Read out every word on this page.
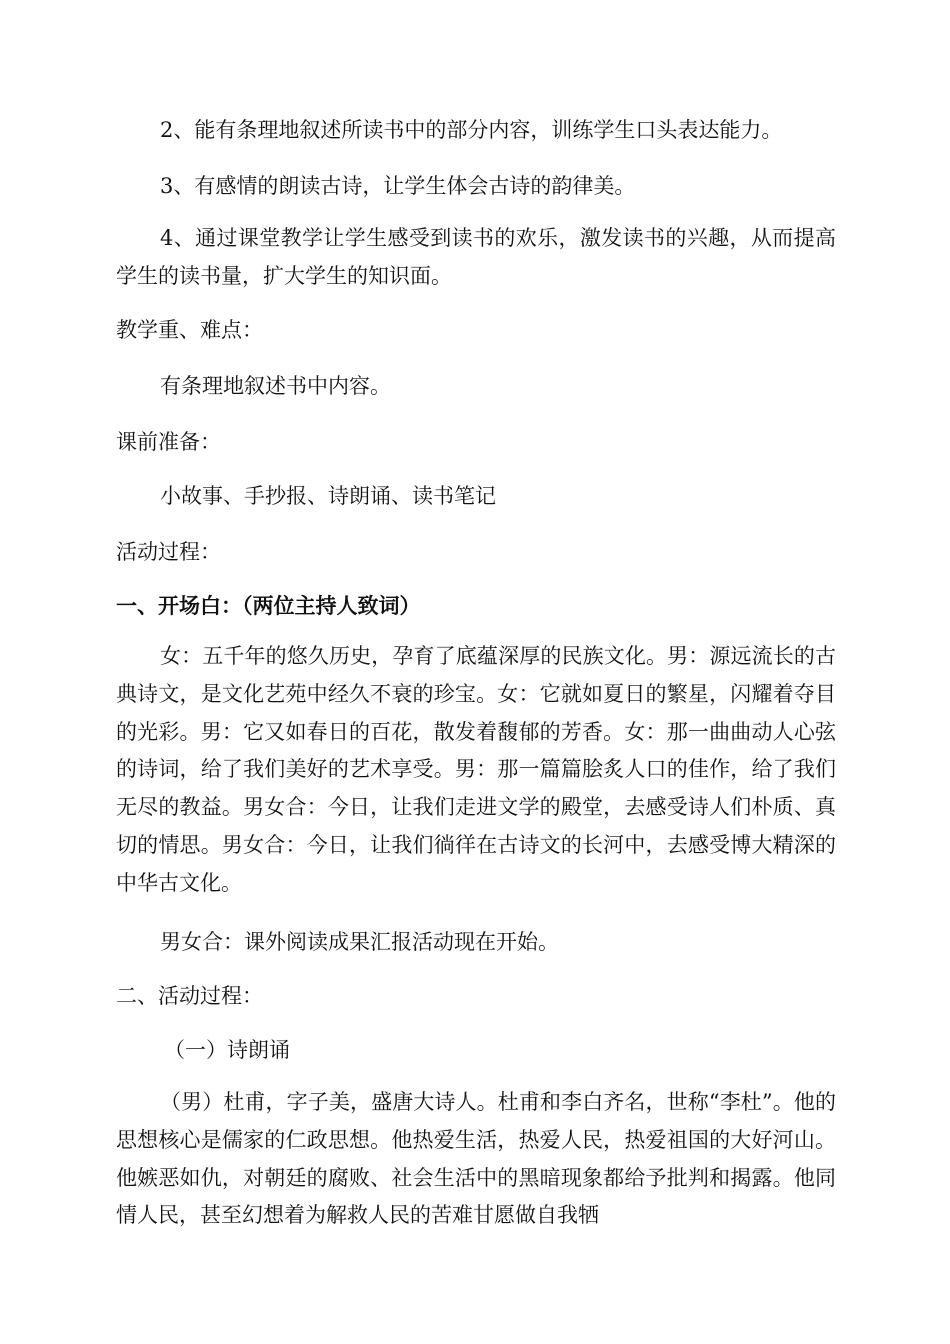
2、能有条理地叙述所读书中的部分内容，训练学生口头表达能力。
3、有感情的朗读古诗，让学生体会古诗的韵律美。
4、通过课堂教学让学生感受到读书的欢乐，激发读书的兴趣，从而提高学生的读书量，扩大学生的知识面。
教学重、难点：
有条理地叙述书中内容。
课前准备：
小故事、手抄报、诗朗诵、读书笔记
活动过程：
一、开场白：（两位主持人致词）
女：五千年的悠久历史，孕育了底蕴深厚的民族文化。男：源远流长的古典诗文，是文化艺苑中经久不衰的珍宝。女：它就如夏日的繁星，闪耀着夺目的光彩。男：它又如春日的百花，散发着馥郁的芳香。女：那一曲曲动人心弦的诗词，给了我们美好的艺术享受。男：那一篇篇脍炙人口的佳作，给了我们无尽的教益。男女合：今日，让我们走进文学的殿堂，去感受诗人们朴质、真切的情思。男女合：今日，让我们徜徉在古诗文的长河中，去感受博大精深的中华古文化。
男女合：课外阅读成果汇报活动现在开始。
二、活动过程：
（一）诗朗诵
（男）杜甫，字子美，盛唐大诗人。杜甫和李白齐名，世称“李杜”。他的思想核心是儒家的仁政思想。他热爱生活，热爱人民，热爱祖国的大好河山。他嫉恶如仇，对朝廷的腐败、社会生活中的黑暗现象都给予批判和揭露。他同情人民，甚至幻想着为解救人民的苦难甘愿做自我牺
